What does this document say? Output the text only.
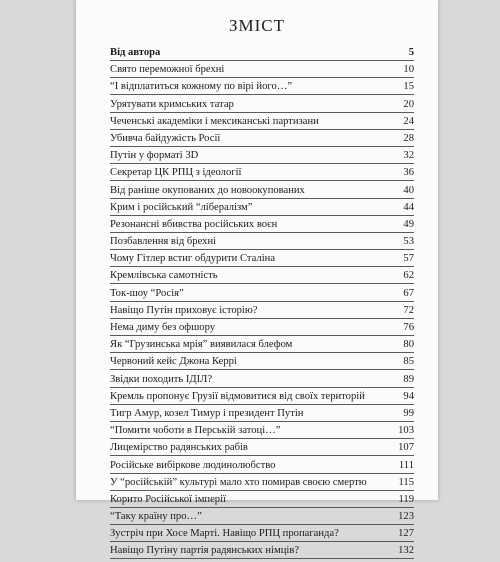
ЗМІСТ
Від автора	5
Свято переможної брехні	10
“І відплатиться кожному по вірі його…”	15
Урятувати кримських татар	20
Чеченські академіки і мексиканські партизани	24
Убивча байдужість Росії	28
Путін у форматі 3D	32
Секретар ЦК РПЦ з ідеології	36
Від раніше окупованих до новоокупованих	40
Крим і російський “лібералізм”	44
Резонансні вбивства російських воєн	49
Позбавлення від брехні	53
Чому Гітлер встиг обдурити Сталіна	57
Кремлівська самотність	62
Ток-шоу “Росія”	67
Навіщо Путін приховує історію?	72
Нема диму без офшору	76
Як “Грузинська мрія” виявилася блефом	80
Червоний кейс Джона Керрі	85
Звідки походить ІДІЛ?	89
Кремль пропонує Грузії відмовитися від своїх територій	94
Тигр Амур, козел Тимур і президент Путін	99
“Помити чоботи в Перській затоці…”	103
Лицемірство радянських рабів	107
Російське вибіркове людинолюбство	111
У “російській” культурі мало хто помирав своєю смертю	115
Корито Російської імперії	119
“Таку країну про…”	123
Зустріч при Хосе Марті. Навіщо РПЦ пропаганда?	127
Навіщо Путіну партія радянських німців?	132
